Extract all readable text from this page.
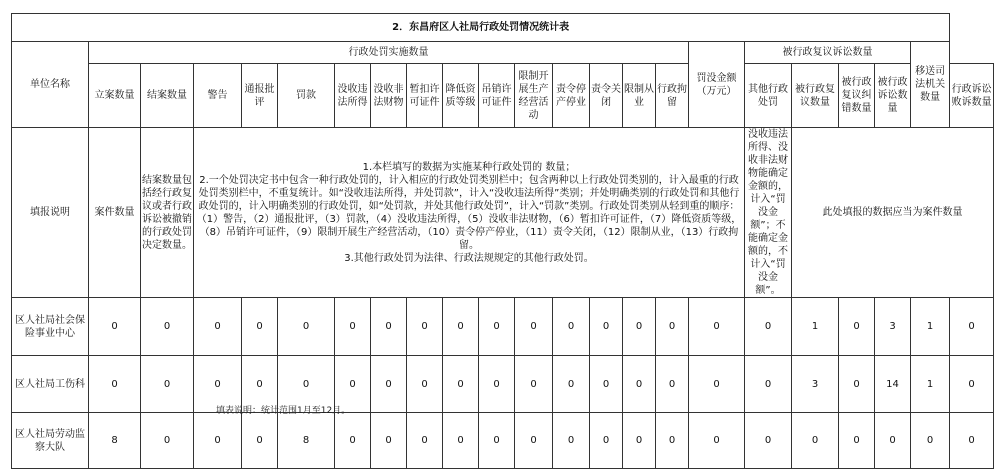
2．东昌府区人社局行政处罚情况统计表																						
单位名称	行政处罚实施数量															罚没金额（万元）	被行政复议诉讼数量				移送司法机关数量	
	立案数量	结案数量	警告	通报批评	罚款	没收违法所得	没收非法财物	暂扣许可证件	降低资质等级	吊销许可证件	限制开展生产经营活动	责令停产停业	责令关闭	限制从业	行政拘留		其他行政处罚	被行政复议数量	被行政复议纠错数量	被行政诉讼数量		行政诉讼败诉数量
填报说明	案件数量	结案数量包括经行政复议或者行政诉讼被撤销的行政处罚决定数量。	1.本栏填写的数据为实施某种行政处罚的 数量；
2.一个处罚决定书中包含一种行政处罚的，计入相应的行政处罚类别栏中；包含两种以上行政处罚类别的，计入最重的行政处罚类别栏中，不重复统计。如“没收违法所得，并处罚款”，计入“没收违法所得”类别；并处明确类别的行政处罚和其他行政处罚的，计入明确类别的行政处罚，如“处罚款，并处其他行政处罚”，计入“罚款”类别。行政处罚类别从轻到重的顺序：（1）警告，（2）通报批评，（3）罚款，（4）没收违法所得，（5）没收非法财物，（6）暂扣许可证件，（7）降低资质等级，（8）吊销许可证件，（9）限制开展生产经营活动，（10）责令停产停业，（11）责令关闭，（12）限制从业，（13）行政拘留。
3.其他行政处罚为法律、行政法规规定的其他行政处罚。														没收违法所得、没收非法财物能确定金额的，计入“罚没金额”；不能确定金额的，不计入“罚没金额”。	此处填报的数据应当为案件数量				
区人社局社会保险事业中心	0	0	0	0	0	0	0	0	0	0	0	0	0	0	0	0	0	1	0	3	1	0
区人社局工伤科	0	0	0	0	0	0	0	0	0	0	0	0	0	0	0	0	0	3	0	14	1	0
区人社局劳动监察大队	8	0	0	0	8	0	0	0	0	0	0	0	0	0	0	0	0	0	0	0	0	0
填表说明：统计范围1月至12月。
